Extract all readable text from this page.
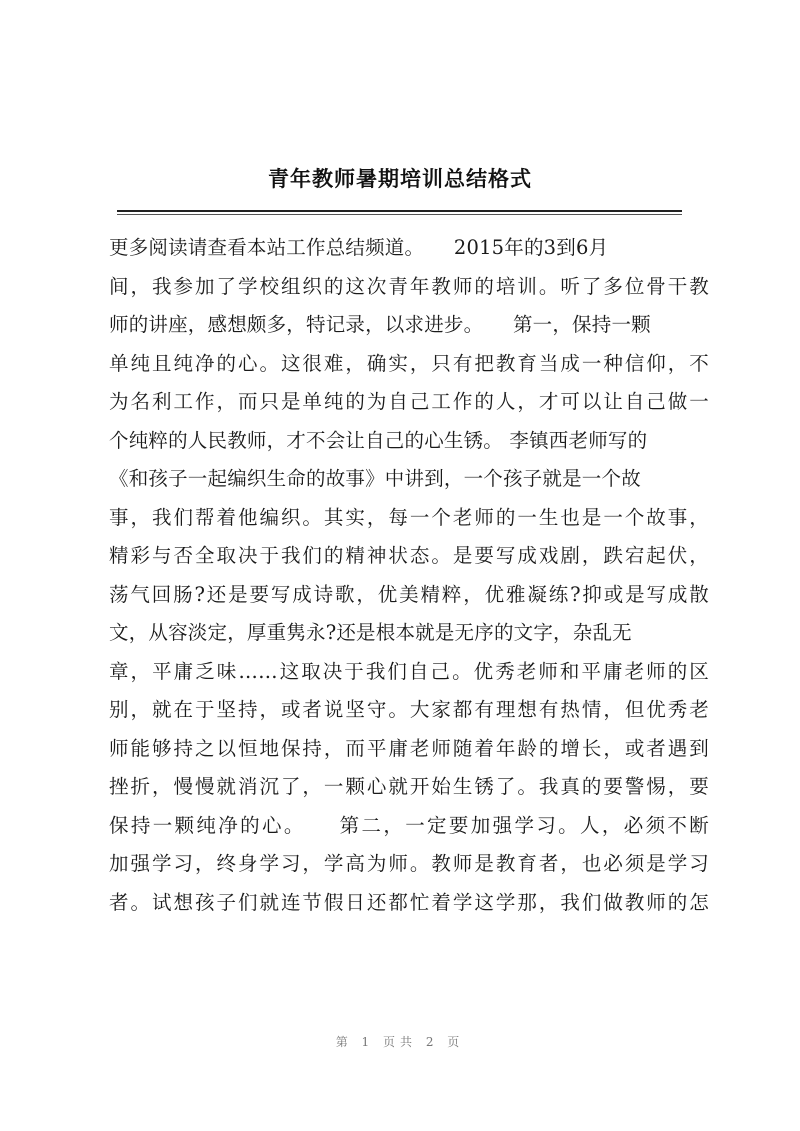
青年教师暑期培训总结格式
更多阅读请查看本站工作总结频道。　　2015年的3到6月
间，我参加了学校组织的这次青年教师的培训。听了多位骨干教
师的讲座，感想颇多，特记录，以求进步。　　第一，保持一颗
单纯且纯净的心。这很难，确实，只有把教育当成一种信仰，不
为名利工作，而只是单纯的为自己工作的人，才可以让自己做一
个纯粹的人民教师，才不会让自己的心生锈。 李镇西老师写的
《和孩子一起编织生命的故事》中讲到，一个孩子就是一个故
事，我们帮着他编织。其实，每一个老师的一生也是一个故事，
精彩与否全取决于我们的精神状态。是要写成戏剧，跌宕起伏，
荡气回肠?还是要写成诗歌，优美精粹，优雅凝练?抑或是写成散
文，从容淡定，厚重隽永?还是根本就是无序的文字，杂乱无
章，平庸乏味……这取决于我们自己。优秀老师和平庸老师的区
别，就在于坚持，或者说坚守。大家都有理想有热情，但优秀老
师能够持之以恒地保持，而平庸老师随着年龄的增长，或者遇到
挫折，慢慢就消沉了，一颗心就开始生锈了。我真的要警惕，要
保持一颗纯净的心。　　第二，一定要加强学习。人，必须不断
加强学习，终身学习，学高为师。教师是教育者，也必须是学习
者。试想孩子们就连节假日还都忙着学这学那，我们做教师的怎
第 1 页共 2 页
